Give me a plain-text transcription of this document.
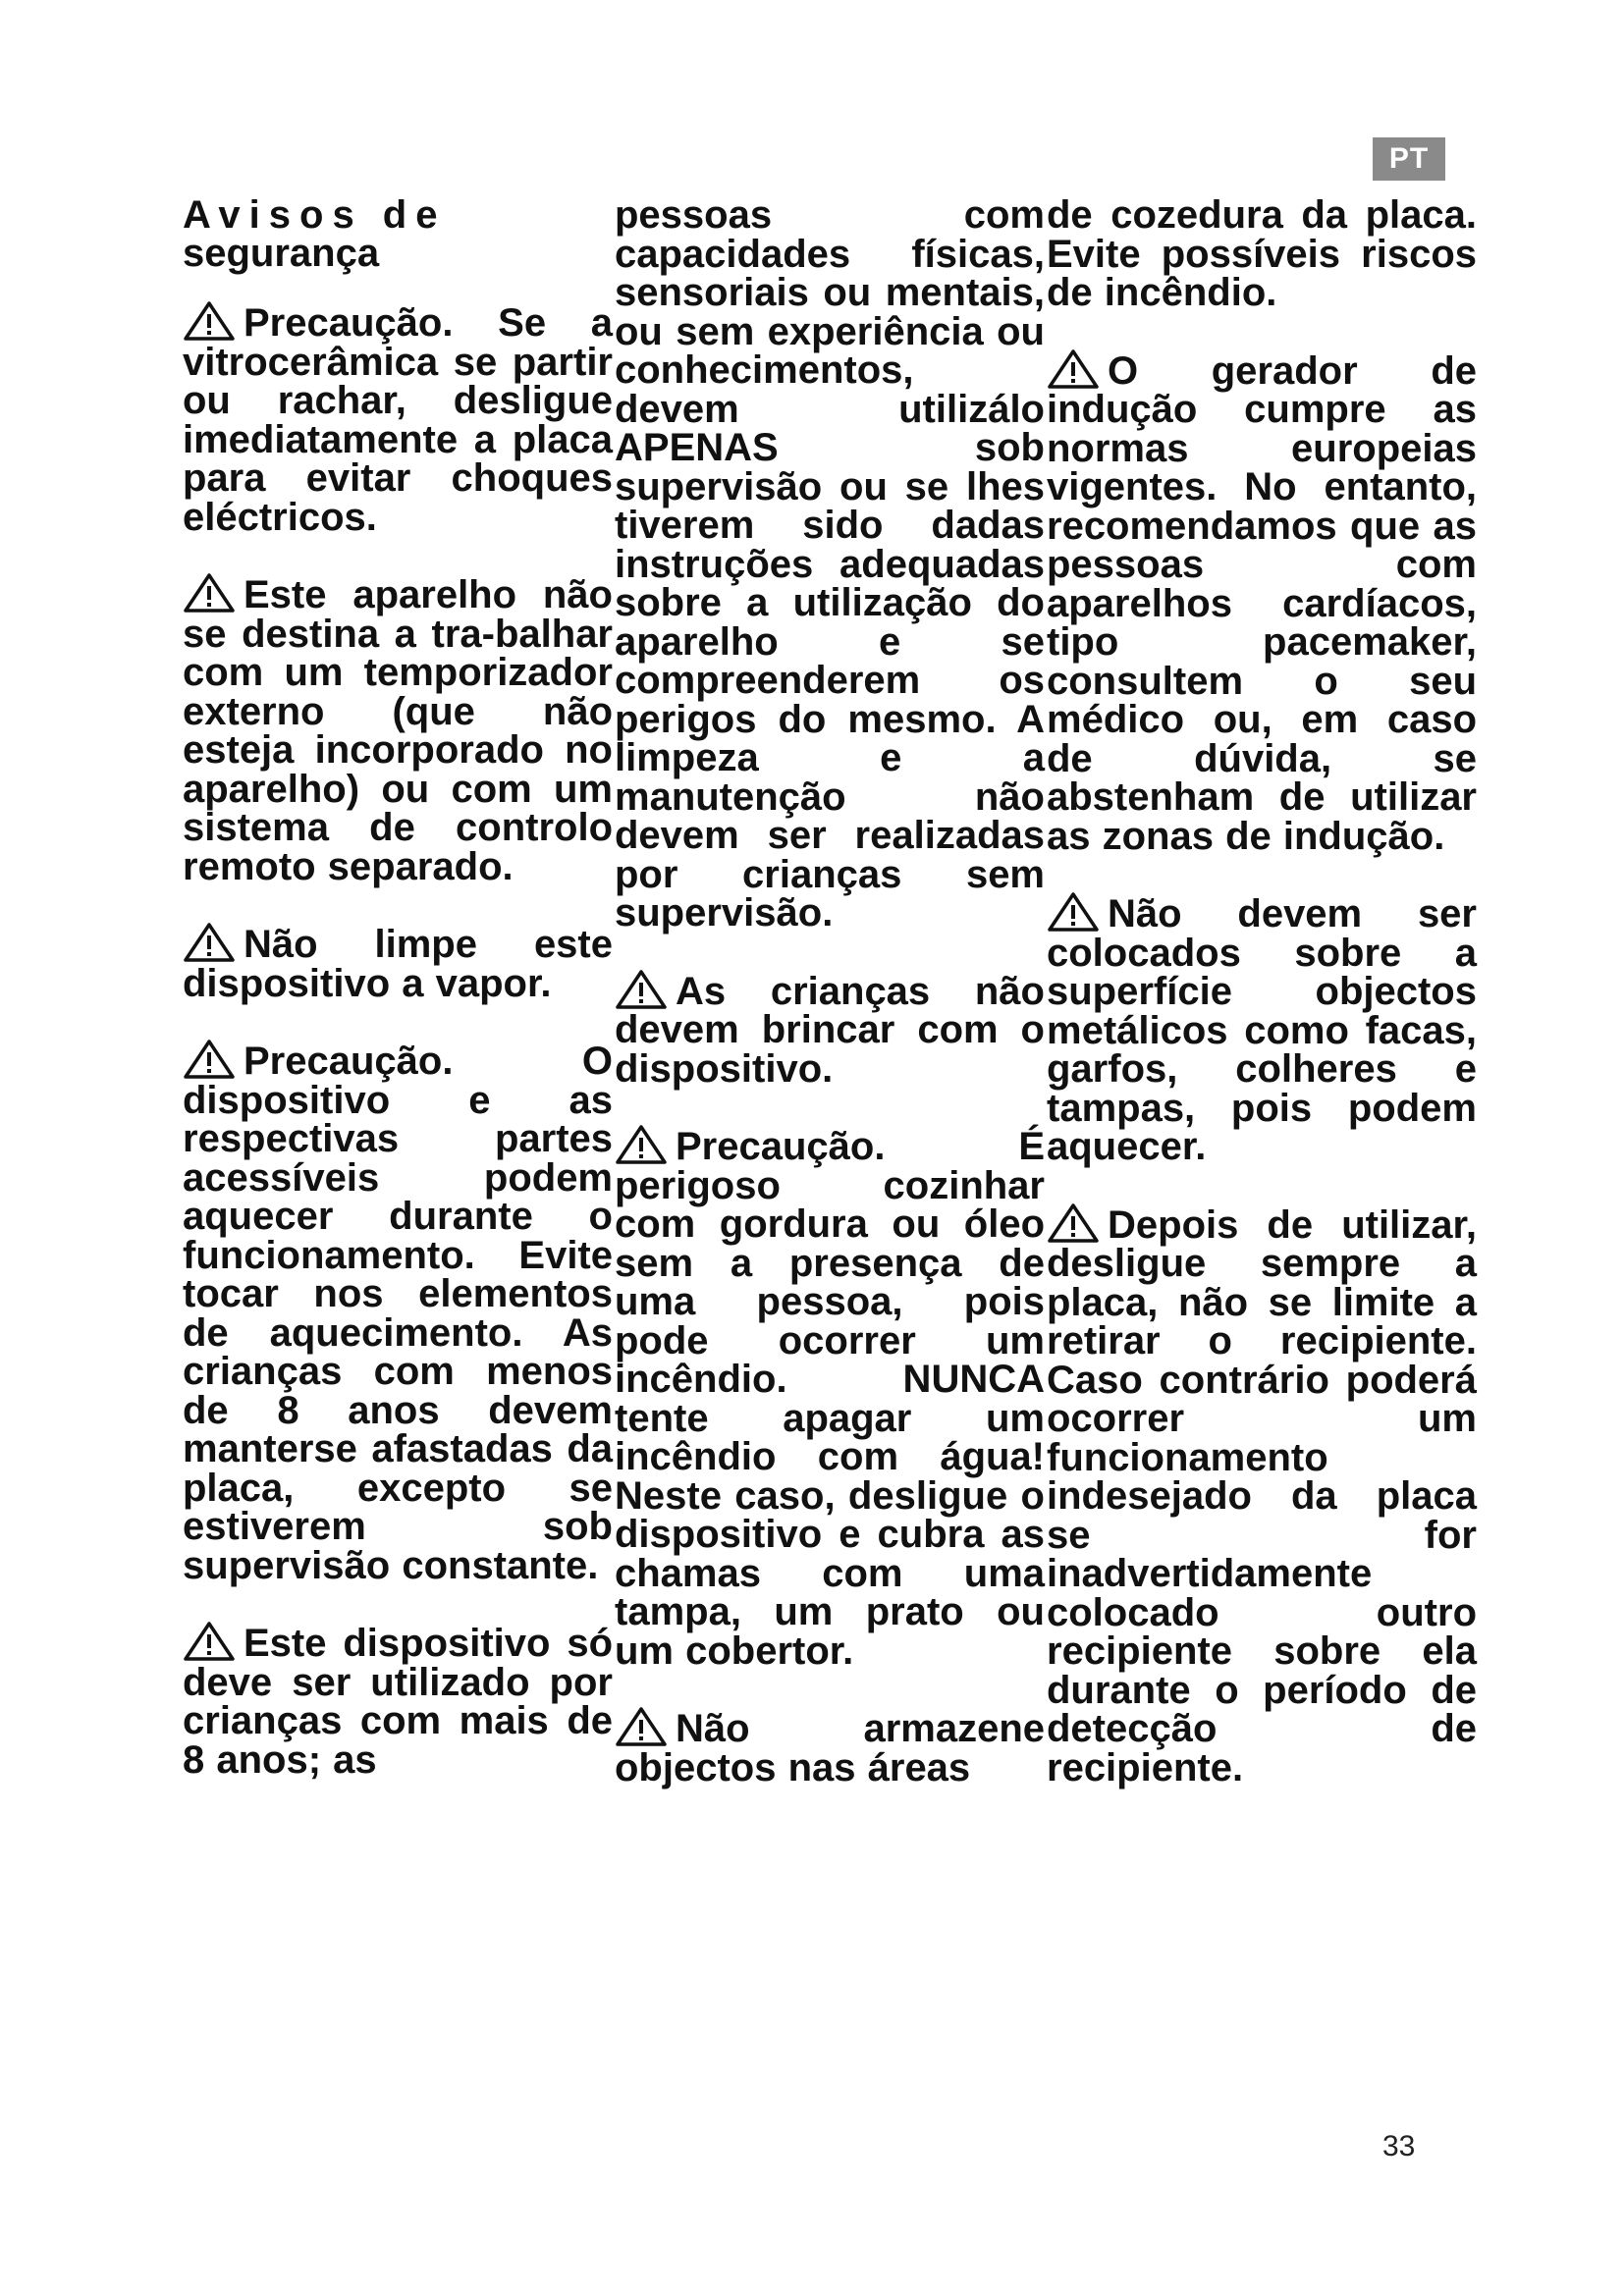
PT
Avisos de
segurança

Precaução. Se a vitrocerâmica se partir ou rachar, desligue imediatamente a placa para evitar choques eléctricos.

Este aparelho não se destina a tra-balhar com um temporizador externo (que não esteja incorporado no aparelho) ou com um sistema de controlo remoto separado.

Não limpe este dispositivo a vapor.

Precaução. O dispositivo e as respectivas partes acessíveis podem aquecer durante o funcionamento. Evite tocar nos elementos de aquecimento. As crianças com menos de 8 anos devem manterse afastadas da placa, excepto se estiverem sob supervisão constante.

Este dispositivo só deve ser utilizado por crianças com mais de 8 anos; as

pessoas com capacidades físicas, sensoriais ou mentais, ou sem experiência ou conhecimentos, devem utilizálo APENAS sob supervisão ou se lhes tiverem sido dadas instruções adequadas sobre a utilização do aparelho e se compreenderem os perigos do mesmo. A limpeza e a manutenção não devem ser realizadas por crianças sem supervisão.

As crianças não devem brincar com o dispositivo.

Precaução. É perigoso cozinhar com gordura ou óleo sem a presença de uma pessoa, pois pode ocorrer um incêndio. NUNCA tente apagar um incêndio com água! Neste caso, desligue o dispositivo e cubra as chamas com uma tampa, um prato ou um cobertor.

Não armazene objectos nas áreas

de cozedura da placa. Evite possíveis riscos de incêndio.

O gerador de indução cumpre as normas europeias vigentes. No entanto, recomendamos que as pessoas com aparelhos cardíacos, tipo pacemaker, consultem o seu médico ou, em caso de dúvida, se abstenham de utilizar as zonas de indução.

Não devem ser colocados sobre a superfície objectos metálicos como facas, garfos, colheres e tampas, pois podem aquecer.

Depois de utilizar, desligue sempre a placa, não se limite a retirar o recipiente. Caso contrário poderá ocorrer um funcionamento indesejado da placa se for inadvertidamente colocado outro recipiente sobre ela durante o período de detecção de recipiente.

33
